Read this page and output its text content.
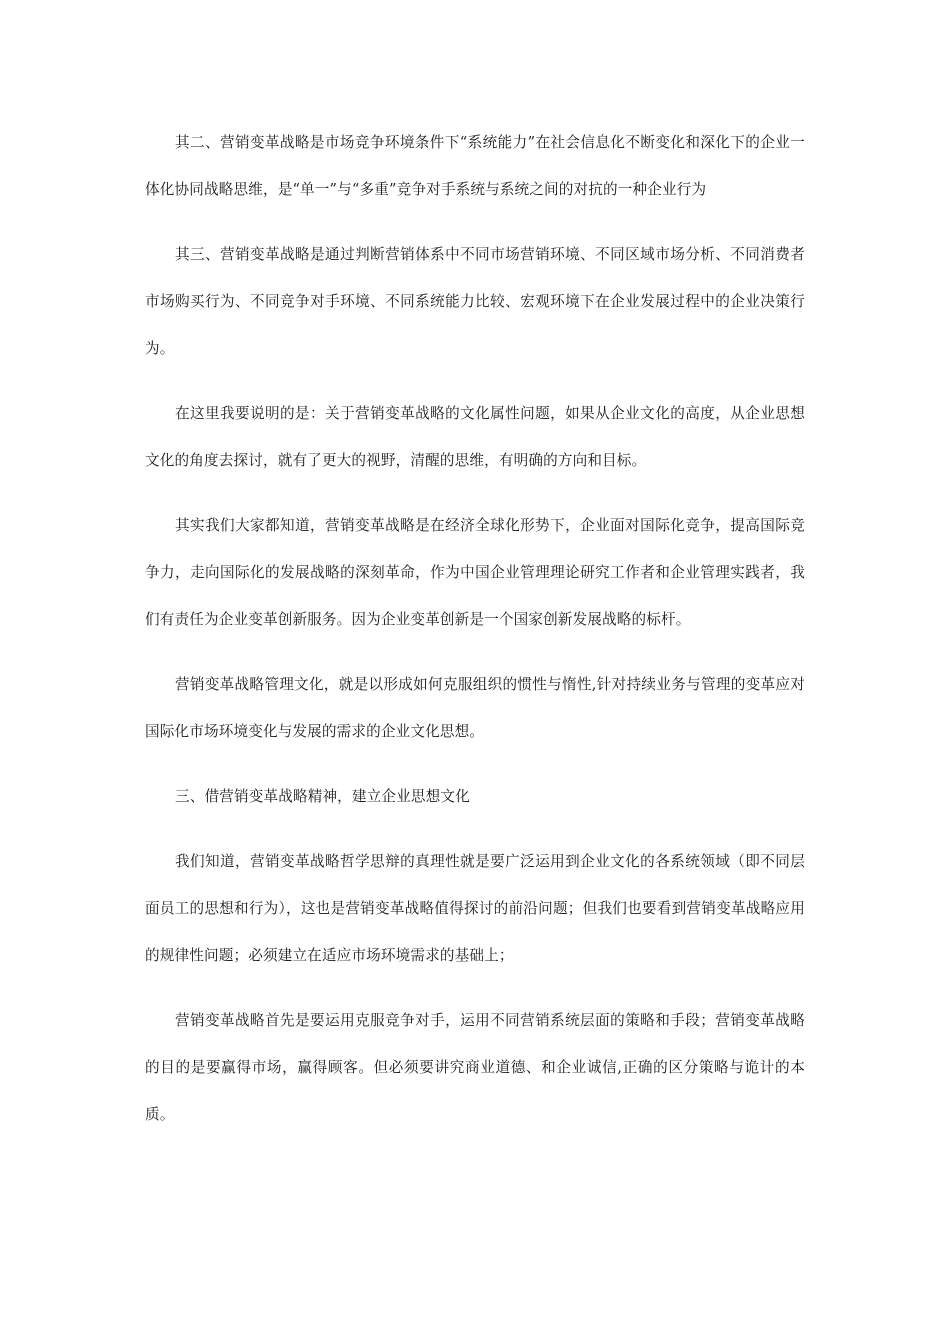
其二、营销变革战略是市场竞争环境条件下“系统能力”在社会信息化不断变化和深化下的企业一体化协同战略思维，是“单一”与“多重”竞争对手系统与系统之间的对抗的一种企业行为

其三、营销变革战略是通过判断营销体系中不同市场营销环境、不同区域市场分析、不同消费者市场购买行为、不同竞争对手环境、不同系统能力比较、宏观环境下在企业发展过程中的企业决策行为。

在这里我要说明的是：关于营销变革战略的文化属性问题，如果从企业文化的高度，从企业思想文化的角度去探讨，就有了更大的视野，清醒的思维，有明确的方向和目标。

其实我们大家都知道，营销变革战略是在经济全球化形势下，企业面对国际化竞争，提高国际竞争力，走向国际化的发展战略的深刻革命，作为中国企业管理理论研究工作者和企业管理实践者，我们有责任为企业变革创新服务。因为企业变革创新是一个国家创新发展战略的标杆。

营销变革战略管理文化，就是以形成如何克服组织的惯性与惰性,针对持续业务与管理的变革应对国际化市场环境变化与发展的需求的企业文化思想。

三、借营销变革战略精神，建立企业思想文化

我们知道，营销变革战略哲学思辩的真理性就是要广泛运用到企业文化的各系统领域（即不同层面员工的思想和行为），这也是营销变革战略值得探讨的前沿问题；但我们也要看到营销变革战略应用的规律性问题；必须建立在适应市场环境需求的基础上；

营销变革战略首先是要运用克服竞争对手，运用不同营销系统层面的策略和手段；营销变革战略的目的是要赢得市场，赢得顾客。但必须要讲究商业道德、和企业诚信,正确的区分策略与诡计的本质。
